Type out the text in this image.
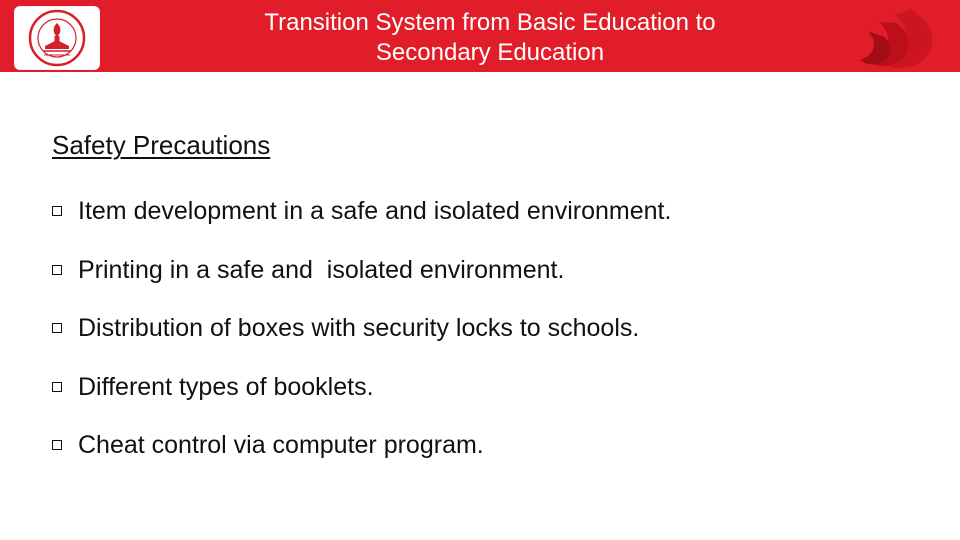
Transition System from Basic Education to
Secondary Education
Safety Precautions
Item development in a safe and isolated environment.
Printing in a safe and  isolated environment.
Distribution of boxes with security locks to schools.
Different types of booklets.
Cheat control via computer program.
